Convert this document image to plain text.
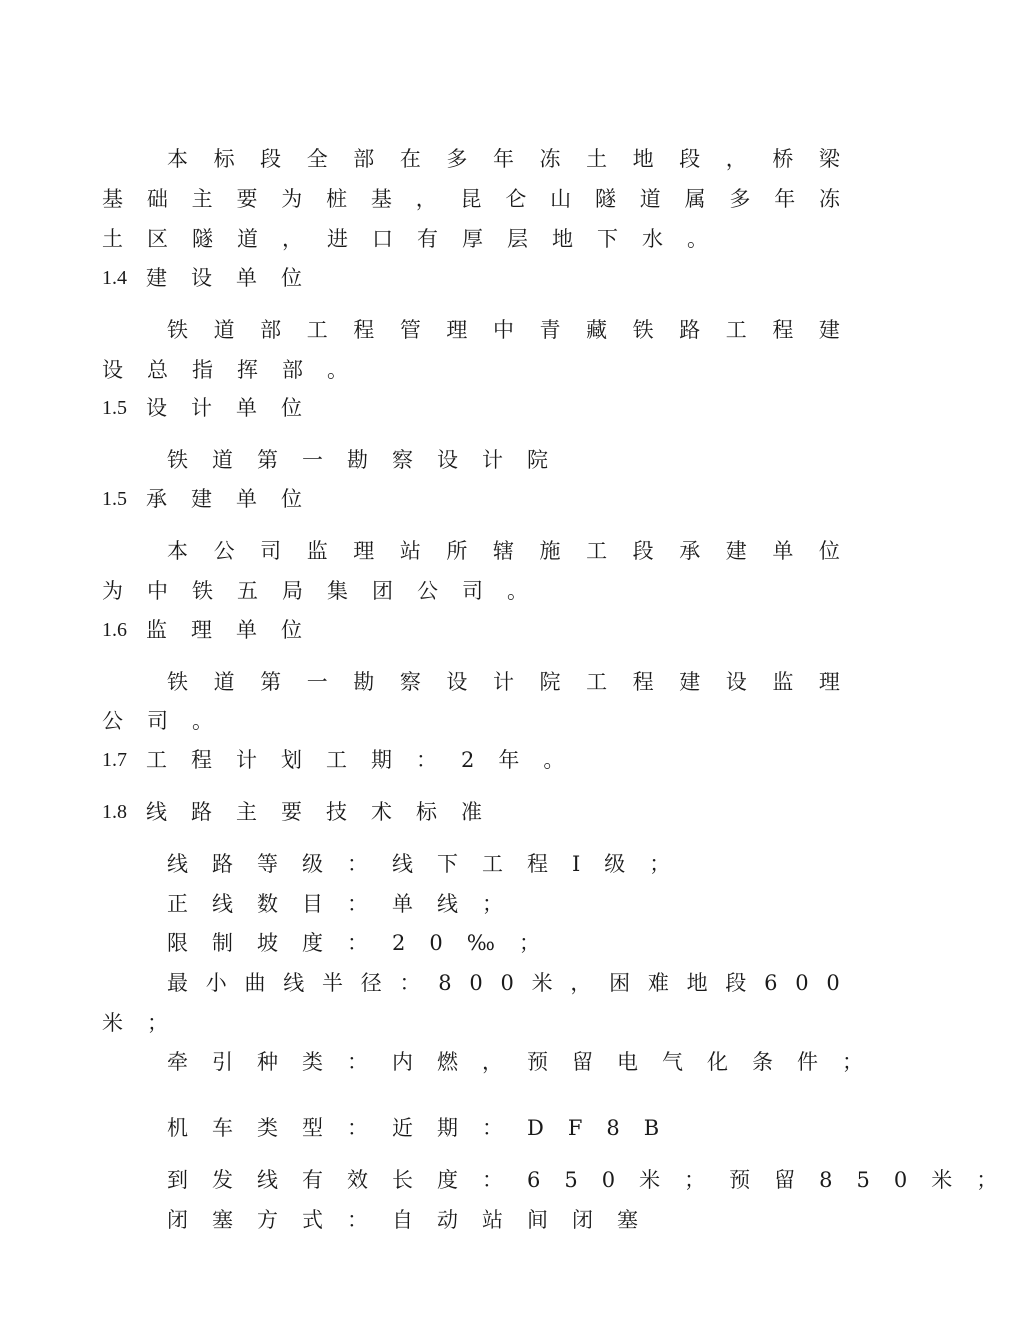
本 标 段 全 部 在 多 年 冻 土 地 段 ， 桥 梁
基 础 主 要 为 桩 基 ， 昆 仑 山 隧 道 属 多 年 冻
土 区 隧 道 ， 进 口 有 厚 层 地 下 水 。
1.4 建 设 单 位
铁 道 部 工 程 管 理 中 青 藏 铁 路 工 程 建
设 总 指 挥 部 。
1.5 设 计 单 位
铁 道 第 一 勘 察 设 计 院
1.5 承 建 单 位
本 公 司 监 理 站 所 辖 施 工 段 承 建 单 位
为 中 铁 五 局 集 团 公 司 。
1.6 监 理 单 位
铁 道 第 一 勘 察 设 计 院 工 程 建 设 监 理
公 司 。
1.7 工 程 计 划 工 期 ： 2 年 。
1.8 线 路 主 要 技 术 标 准
线 路 等 级 ： 线 下 工 程 Ⅰ 级 ；
正 线 数 目 ： 单 线 ；
限 制 坡 度 ： 2 0 ‰ ；
最 小 曲 线 半 径 ： 8 0 0 米 ， 困 难 地 段 6 0 0
米 ；
牵 引 种 类 ： 内 燃 ， 预 留 电 气 化 条 件 ；
机 车 类 型 ： 近 期 ： D F 8 B
到 发 线 有 效 长 度 ： 6 5 0 米 ； 预 留 8 5 0 米 ；
闭 塞 方 式 ： 自 动 站 间 闭 塞
